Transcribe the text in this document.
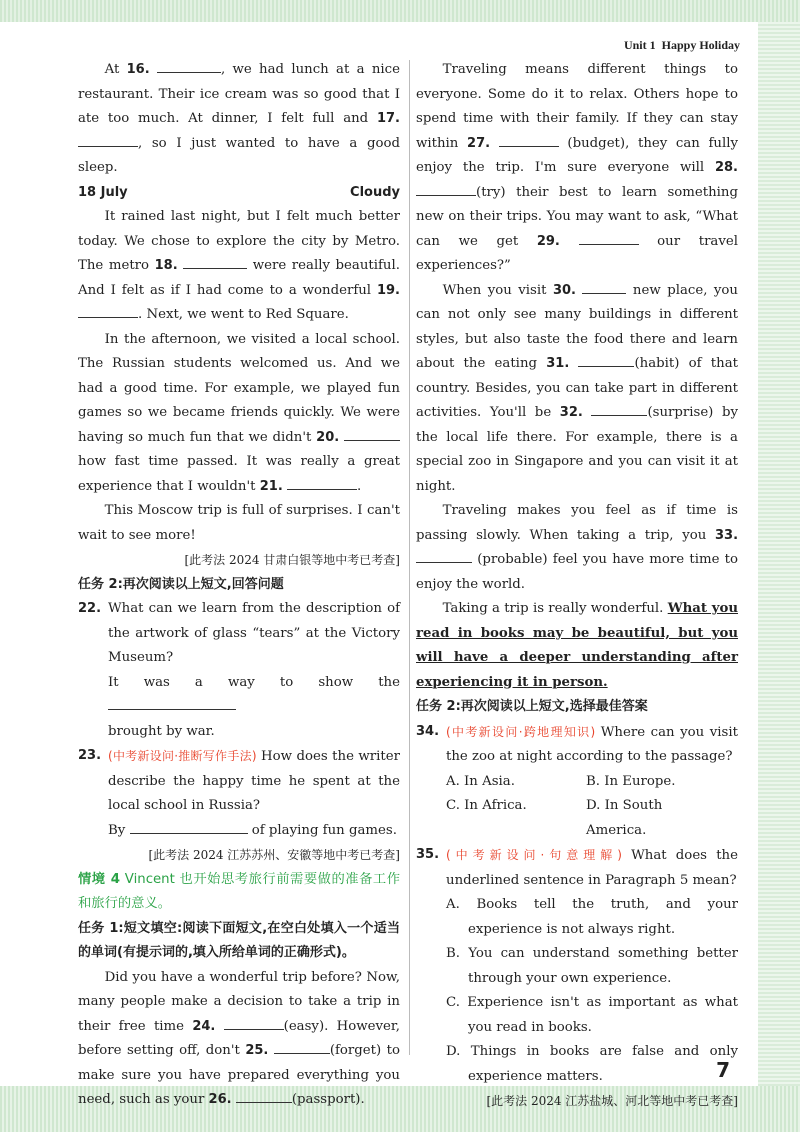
Unit 1 Happy Holiday

At 16.	, we had lunch at a nice restaurant. Their ice cream was so good that I ate too much. At dinner, I felt full and 17. , so I just wanted to have a good sleep.

18 July	Cloudy

It rained last night, but I felt much better today. We chose to explore the city by Metro. The metro 18.	were really beautiful. And I felt as if I had come to a wonderful 19. . Next, we went to Red Square.

In the afternoon, we visited a local school. The Russian students welcomed us. And we had a good time. For example, we played fun games so we became friends quickly. We were having so much fun that we didn't 20.  how fast time passed. It was really a great experience that I wouldn't 21.	.

This Moscow trip is full of surprises. I can't wait to see more!

[此考法 2024 甘肃白银等地中考已考查]

任务 2:再次阅读以上短文,回答问题

22. What can we learn from the description of the artwork of glass “tears” at the Victory Museum?

It was a way to show the

brought by war.

23. (中考新设问·推断写作手法) How does the writer describe the happy time he spent at the local school in Russia?

By	of playing fun games.

[此考法 2024 江苏苏州、安徽等地中考已考查]

情境 4 Vincent 也开始思考旅行前需要做的准备工作和旅行的意义。

任务 1:短文填空:阅读下面短文,在空白处填入一个适当的单词(有提示词的,填入所给单词的正确形式)。

Did you have a wonderful trip before? Now, many people make a decision to take a trip in their free time 24.	(easy). However, before setting off, don't 25.	(forget) to make sure you have prepared everything you need, such as your 26.	(passport).

Traveling means different things to everyone. Some do it to relax. Others hope to spend time with their family. If they can stay within 27.	(budget), they can fully enjoy the trip. I'm sure everyone will 28. (try) their best to learn something new on their trips. You may want to ask, “What can we get 29.	our travel experiences?”

When you visit 30.	new place, you can not only see many buildings in different styles, but also taste the food there and learn about the eating 31.	(habit) of that country. Besides, you can take part in different activities. You'll be 32.	(surprise) by the local life there. For example, there is a special zoo in Singapore and you can visit it at night.

Traveling makes you feel as if time is passing slowly. When taking a trip, you 33.  (probable) feel you have more time to enjoy the world.

Taking a trip is really wonderful. What you read in books may be beautiful, but you will have a deeper understanding after experiencing it in person.

任务 2:再次阅读以上短文,选择最佳答案

34. (中考新设问·跨地理知识) Where can you visit the zoo at night according to the passage?

A. In Asia.	B. In Europe.
C. In Africa.	D. In South America.
35. (中考新设问·句意理解) What does the underlined sentence in Paragraph 5 mean?

A. Books tell the truth, and your experience is not always right.

B. You can understand something better through your own experience.

C. Experience isn't as important as what you read in books.

D. Things in books are false and only experience matters.

[此考法 2024 江苏盐城、河北等地中考已考查]

7
